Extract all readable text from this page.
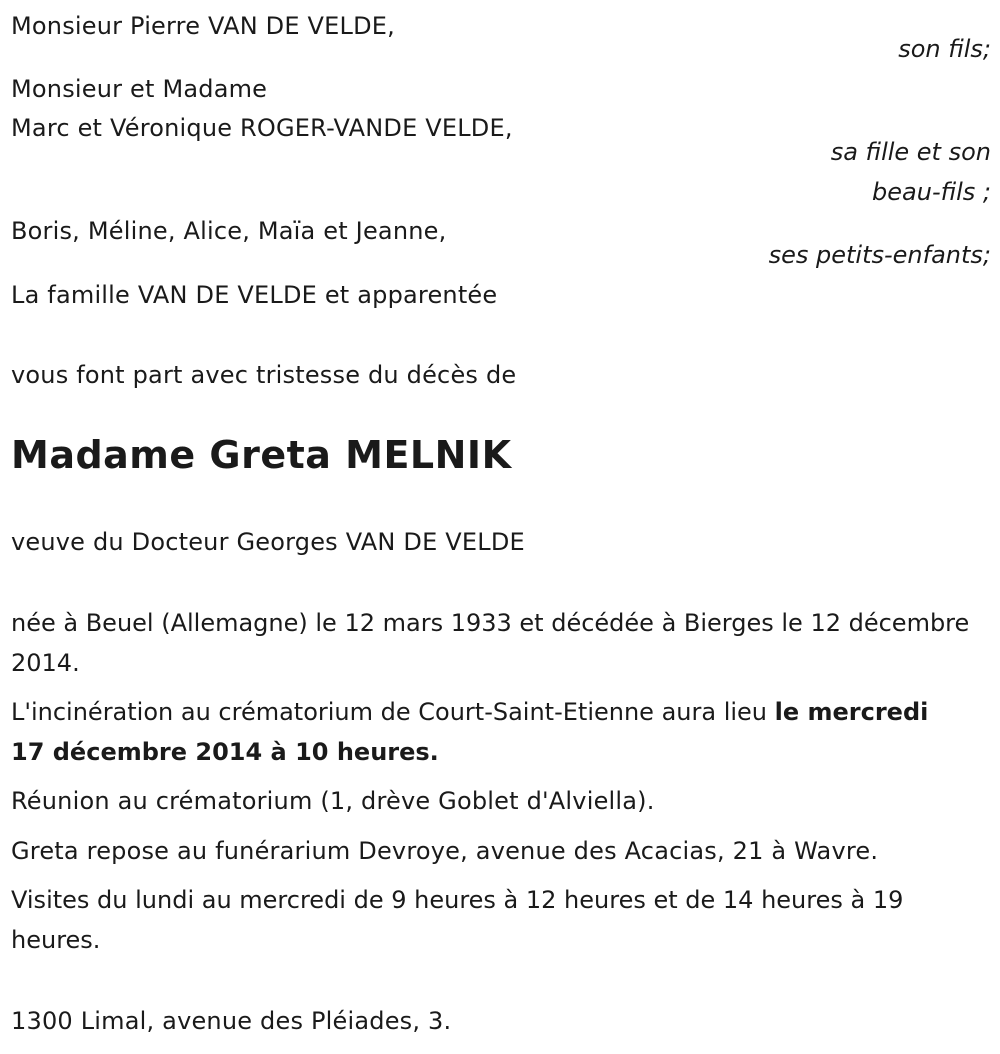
Monsieur Pierre VAN DE VELDE,
son fils;
Monsieur et Madame
Marc et Véronique ROGER-VANDE VELDE,
sa fille et son
beau-fils ;
Boris, Méline, Alice, Maïa et Jeanne,
ses petits-enfants;
La famille VAN DE VELDE et apparentée
vous font part avec tristesse du décès de
Madame Greta MELNIK
veuve du Docteur Georges VAN DE VELDE
née à Beuel (Allemagne) le 12 mars 1933 et décédée à Bierges le 12 décembre 2014.
L'incinération au crématorium de Court-Saint-Etienne aura lieu le mercredi 17 décembre 2014 à 10 heures.
Réunion au crématorium (1, drève Goblet d'Alviella).
Greta repose au funérarium Devroye, avenue des Acacias, 21 à Wavre.
Visites du lundi au mercredi de 9 heures à 12 heures et de 14 heures à 19 heures.
1300 Limal, avenue des Pléiades, 3.
